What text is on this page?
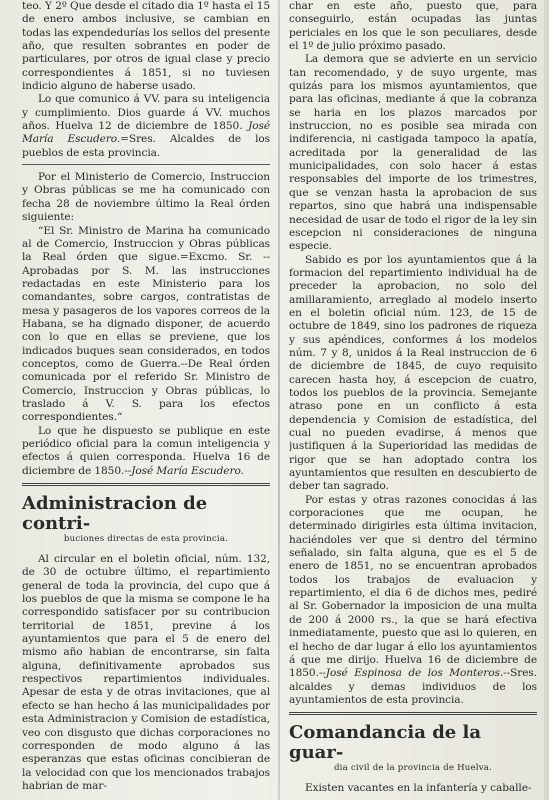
teo. Y 2º Que desde el citado dia 1º hasta el 15 de enero ambos inclusive, se cambian en todas las expendedurías los sellos del presente año, que resulten sobrantes en poder de particulares, por otros de igual clase y precio correspondientes á 1851, si no tuviesen indicio alguno de haberse usado.

Lo que comunico á VV. para su inteligencia y cumplimiento. Dios guarde á VV. muchos años. Huelva 12 de diciembre de 1850. José María Escudero.=Sres. Alcaldes de los pueblos de esta provincia.

Por el Ministerio de Comercio, Instruccion y Obras públicas se me ha comunicado con fecha 28 de noviembre último la Real órden siguiente:

“El Sr. Ministro de Marina ha comunicado al de Comercio, Instruccion y Obras públicas la Real órden que sigue.=Excmo. Sr. --Aprobadas por S. M. las instrucciones redactadas en este Ministerio para los comandantes, sobre cargos, contratistas de mesa y pasageros de los vapores correos de la Habana, se ha dignado disponer, de acuerdo con lo que en ellas se previene, que los indicados buques sean considerados, en todos conceptos, como de Guerra.--De Real órden comunicada por el referido Sr. Ministro de Comercio, Instruccion y Obras públicas, lo traslado á V. S. para los efectos correspondientes.“

Lo que he dispuesto se publique en este periódico oficial para la comun inteligencia y efectos á quien corresponda. Huelva 16 de diciembre de 1850.--José María Escudero.

Administracion de contri-
buciones directas de esta provincia.

Al circular en el boletin oficial, núm. 132, de 30 de octubre último, el repartimiento general de toda la provincia, del cupo que á los pueblos de que la misma se compone le ha correspondido satisfacer por su contribucion territorial de 1851, previne á los ayuntamientos que para el 5 de enero del mismo año habian de encontrarse, sin falta alguna, definitivamente aprobados sus respectivos repartimientos individuales. Apesar de esta y de otras invitaciones, que al efecto se han hecho á las municipalidades por esta Administracion y Comision de estadística, veo con disgusto que dichas corporaciones no corresponden de modo alguno á las esperanzas que estas oficinas concibieran de la velocidad con que los mencionados trabajos habrian de mar-

char en este año, puesto que, para conseguirlo, están ocupadas las juntas periciales en los que le son peculiares, desde el 1º de julio próximo pasado.

La demora que se advierte en un servicio tan recomendado, y de suyo urgente, mas quizás para los mismos ayuntamientos, que para las oficinas, mediante á que la cobranza se haria en los plazos marcados por instruccion, no es posible sea mirada con indiferencia, ni castigada tampoco la apatía, acreditada por la generalidad de las municipalidades, con solo hacer á estas responsables del importe de los trimestres, que se venzan hasta la aprobacion de sus repartos, sino que habrá una indispensable necesidad de usar de todo el rigor de la ley sin escepcion ni consideraciones de ninguna especie.

Sabido es por los ayuntamientos que á la formacion del repartimiento individual ha de preceder la aprobacion, no solo del amillaramiento, arreglado al modelo inserto en el boletin oficial núm. 123, de 15 de octubre de 1849, sino los padrones de riqueza y sus apéndices, conformes á los modelos núm. 7 y 8, unidos á la Real instruccion de 6 de diciembre de 1845, de cuyo requisito carecen hasta hoy, á escepcion de cuatro, todos los pueblos de la provincia. Semejante atraso pone en un conflicto á esta dependencia y Comision de estadística, del cual no pueden evadirse, á menos que justifiquen á la Superioridad las medidas de rigor que se han adoptado contra los ayuntamientos que resulten en descubierto de deber tan sagrado.

Por estas y otras razones conocidas á las corporaciones que me ocupan, he determinado dirigirles esta última invitacion, haciéndoles ver que si dentro del término señalado, sin falta alguna, que es el 5 de enero de 1851, no se encuentran aprobados todos los trabajos de evaluacion y repartimiento, el dia 6 de dichos mes, pediré al Sr. Gobernador la imposicion de una multa de 200 á 2000 rs., la que se hará efectiva inmediatamente, puesto que asi lo quieren, en el hecho de dar lugar á ello los ayuntamientos á que me dirijo. Huelva 16 de diciembre de 1850.--José Espinosa de los Monteros.--Sres. alcaldes y demas individuos de los ayuntamientos de esta provincia.

Comandancia de la guar-
dia civil de la provincia de Huelva.

Existen vacantes en la infantería y caballe-
